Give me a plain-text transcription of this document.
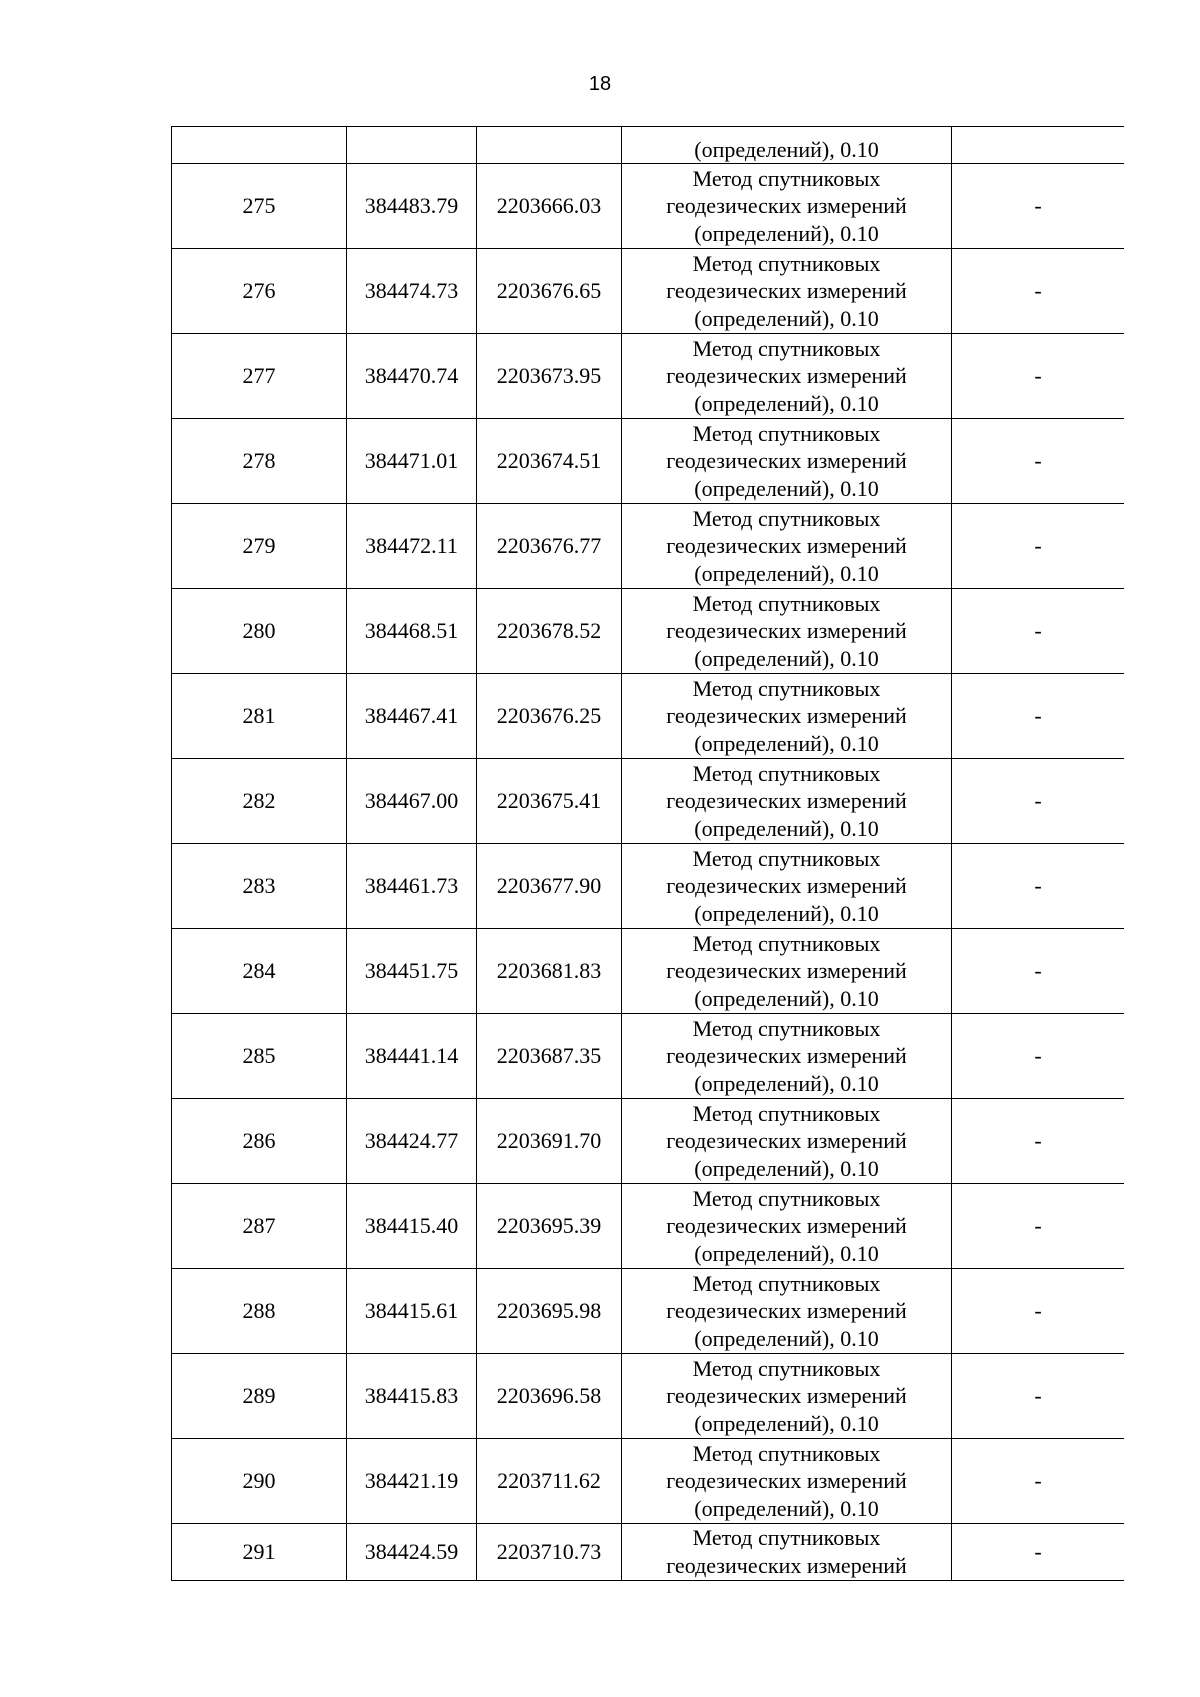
18

			(определений), 0.10	

275	384483.79	2203666.03	Метод спутниковых
геодезических измерений
(определений), 0.10	-
276	384474.73	2203676.65	Метод спутниковых
геодезических измерений
(определений), 0.10	-
277	384470.74	2203673.95	Метод спутниковых
геодезических измерений
(определений), 0.10	-
278	384471.01	2203674.51	Метод спутниковых
геодезических измерений
(определений), 0.10	-
279	384472.11	2203676.77	Метод спутниковых
геодезических измерений
(определений), 0.10	-
280	384468.51	2203678.52	Метод спутниковых
геодезических измерений
(определений), 0.10	-
281	384467.41	2203676.25	Метод спутниковых
геодезических измерений
(определений), 0.10	-
282	384467.00	2203675.41	Метод спутниковых
геодезических измерений
(определений), 0.10	-
283	384461.73	2203677.90	Метод спутниковых
геодезических измерений
(определений), 0.10	-
284	384451.75	2203681.83	Метод спутниковых
геодезических измерений
(определений), 0.10	-
285	384441.14	2203687.35	Метод спутниковых
геодезических измерений
(определений), 0.10	-
286	384424.77	2203691.70	Метод спутниковых
геодезических измерений
(определений), 0.10	-
287	384415.40	2203695.39	Метод спутниковых
геодезических измерений
(определений), 0.10	-
288	384415.61	2203695.98	Метод спутниковых
геодезических измерений
(определений), 0.10	-
289	384415.83	2203696.58	Метод спутниковых
геодезических измерений
(определений), 0.10	-
290	384421.19	2203711.62	Метод спутниковых
геодезических измерений
(определений), 0.10	-
291	384424.59	2203710.73	Метод спутниковых
геодезических измерений	-
